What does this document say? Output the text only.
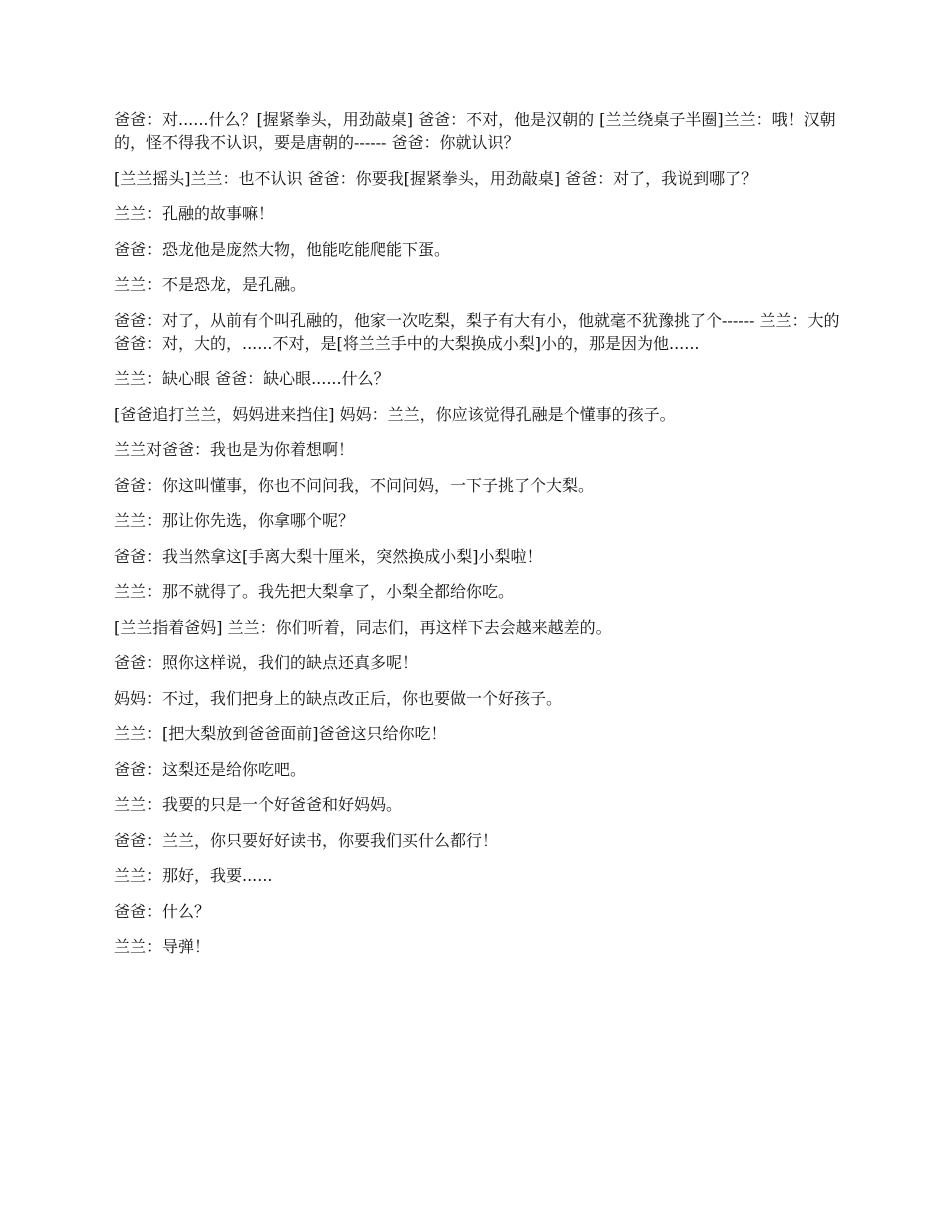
爸爸：对......什么？[握紧拳头，用劲敲桌] 爸爸：不对，他是汉朝的 [兰兰绕桌子半圈]兰兰：哦！汉朝的，怪不得我不认识，要是唐朝的------ 爸爸：你就认识？

[兰兰摇头]兰兰：也不认识 爸爸：你要我[握紧拳头，用劲敲桌] 爸爸：对了，我说到哪了？

兰兰：孔融的故事嘛！

爸爸：恐龙他是庞然大物，他能吃能爬能下蛋。

兰兰：不是恐龙，是孔融。

爸爸：对了，从前有个叫孔融的，他家一次吃梨，梨子有大有小，他就毫不犹豫挑了个------ 兰兰：大的 爸爸：对，大的，......不对，是[将兰兰手中的大梨换成小梨]小的，那是因为他......

兰兰：缺心眼 爸爸：缺心眼......什么？

[爸爸追打兰兰，妈妈进来挡住] 妈妈：兰兰，你应该觉得孔融是个懂事的孩子。

兰兰对爸爸：我也是为你着想啊！

爸爸：你这叫懂事，你也不问问我，不问问妈，一下子挑了个大梨。

兰兰：那让你先选，你拿哪个呢？

爸爸：我当然拿这[手离大梨十厘米，突然换成小梨]小梨啦！

兰兰：那不就得了。我先把大梨拿了，小梨全都给你吃。

[兰兰指着爸妈] 兰兰：你们听着，同志们，再这样下去会越来越差的。

爸爸：照你这样说，我们的缺点还真多呢！

妈妈：不过，我们把身上的缺点改正后，你也要做一个好孩子。

兰兰：[把大梨放到爸爸面前]爸爸这只给你吃！

爸爸：这梨还是给你吃吧。

兰兰：我要的只是一个好爸爸和好妈妈。

爸爸：兰兰，你只要好好读书，你要我们买什么都行！

兰兰：那好，我要......

爸爸：什么？

兰兰：导弹！
